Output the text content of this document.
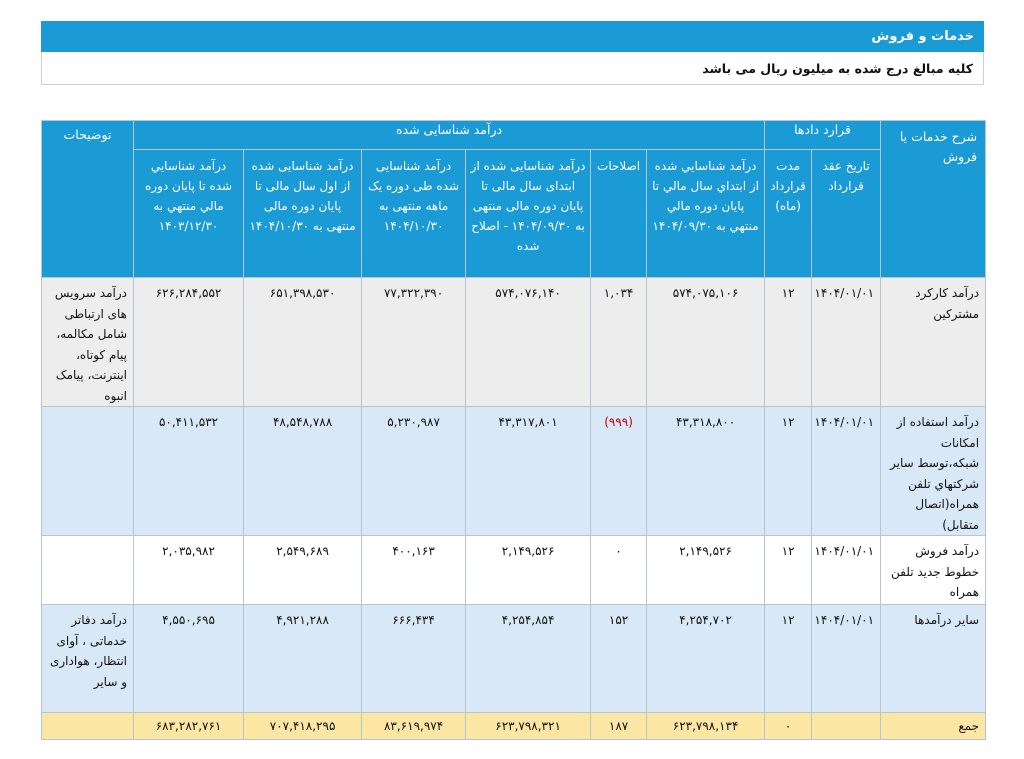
خدمات و فروش
کلیه مبالغ درج شده به میلیون ریال می باشد
شرح خدمات یا فروش	قرارد دادها		درآمد شناسایی شده						توضیحات
	تاریخ عقد قرارداد	مدت قرارداد (ماه)	درآمد شناسایي شده از ابتداي سال مالي تا پايان دوره مالي منتهي به ۱۴۰۴/۰۹/۳۰	اصلاحات	درآمد شناسایی شده از ابتدای سال مالی تا پایان دوره مالی منتهی به ۱۴۰۴/۰۹/۳۰ - اصلاح شده	درآمد شناسایی شده طی دوره یک ماهه منتهی به ۱۴۰۴/۱۰/۳۰	درآمد شناسایی شده از اول سال مالی تا پایان دوره مالی منتهی به ۱۴۰۴/۱۰/۳۰	درآمد شناسايي شده تا پايان دوره مالي منتهي به ۱۴۰۳/۱۲/۳۰	
درآمد کارکرد مشترکین	۱۴۰۴/۰۱/۰۱	۱۲	۵۷۴,۰۷۵,۱۰۶	۱,۰۳۴	۵۷۴,۰۷۶,۱۴۰	۷۷,۳۲۲,۳۹۰	۶۵۱,۳۹۸,۵۳۰	۶۲۶,۲۸۴,۵۵۲	درآمد سرویس های ارتباطی شامل مکالمه، پیام کوتاه، اینترنت، پیامک انبوه
درآمد استفاده از امکانات شبکه،توسط سایر شرکتهاي تلفن همراه(اتصال متقابل)	۱۴۰۴/۰۱/۰۱	۱۲	۴۳,۳۱۸,۸۰۰	(۹۹۹)	۴۳,۳۱۷,۸۰۱	۵,۲۳۰,۹۸۷	۴۸,۵۴۸,۷۸۸	۵۰,۴۱۱,۵۳۲	
درآمد فروش خطوط جدید تلفن همراه	۱۴۰۴/۰۱/۰۱	۱۲	۲,۱۴۹,۵۲۶	۰	۲,۱۴۹,۵۲۶	۴۰۰,۱۶۳	۲,۵۴۹,۶۸۹	۲,۰۳۵,۹۸۲	
سایر درآمدها	۱۴۰۴/۰۱/۰۱	۱۲	۴,۲۵۴,۷۰۲	۱۵۲	۴,۲۵۴,۸۵۴	۶۶۶,۴۳۴	۴,۹۲۱,۲۸۸	۴,۵۵۰,۶۹۵	درآمد دفاتر خدماتی ، آوای انتظار، هواداری و سایر
جمع		۰	۶۲۳,۷۹۸,۱۳۴	۱۸۷	۶۲۳,۷۹۸,۳۲۱	۸۳,۶۱۹,۹۷۴	۷۰۷,۴۱۸,۲۹۵	۶۸۳,۲۸۲,۷۶۱	
